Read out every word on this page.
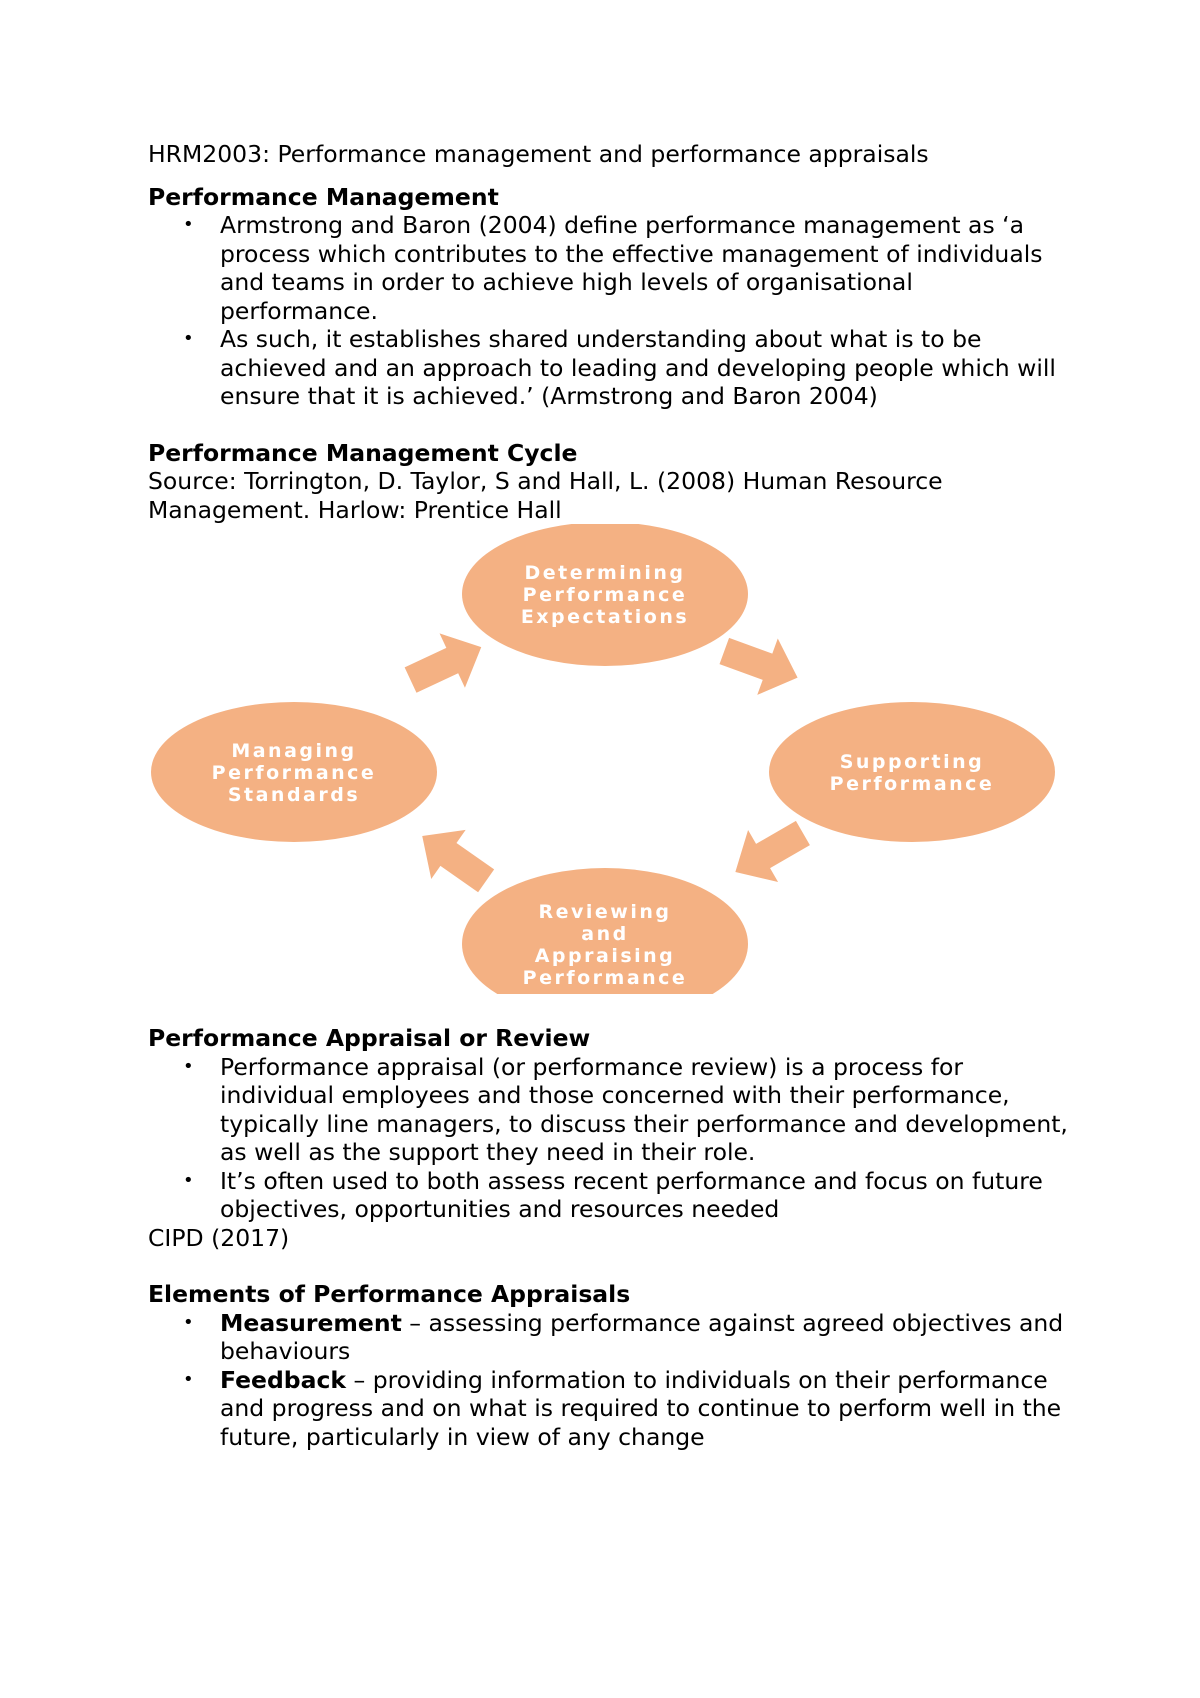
HRM2003: Performance management and performance appraisals
Performance Management
• Armstrong and Baron (2004) define performance management as ‘a process which contributes to the effective management of individuals and teams in order to achieve high levels of organisational performance.
• As such, it establishes shared understanding about what is to be achieved and an approach to leading and developing people which will ensure that it is achieved.’ (Armstrong and Baron 2004)
Performance Management Cycle
Source: Torrington, D. Taylor, S and Hall, L. (2008) Human Resource
Management. Harlow: Prentice Hall
Determining
Performance
Expectations
Supporting
Performance
Reviewing
and
Appraising
Performance
Managing
Performance
Standards
Performance Appraisal or Review
• Performance appraisal (or performance review) is a process for individual employees and those concerned with their performance, typically line managers, to discuss their performance and development, as well as the support they need in their role.
• It’s often used to both assess recent performance and focus on future objectives, opportunities and resources needed
CIPD (2017)
Elements of Performance Appraisals
• Measurement – assessing performance against agreed objectives and behaviours
• Feedback – providing information to individuals on their performance and progress and on what is required to continue to perform well in the future, particularly in view of any change
